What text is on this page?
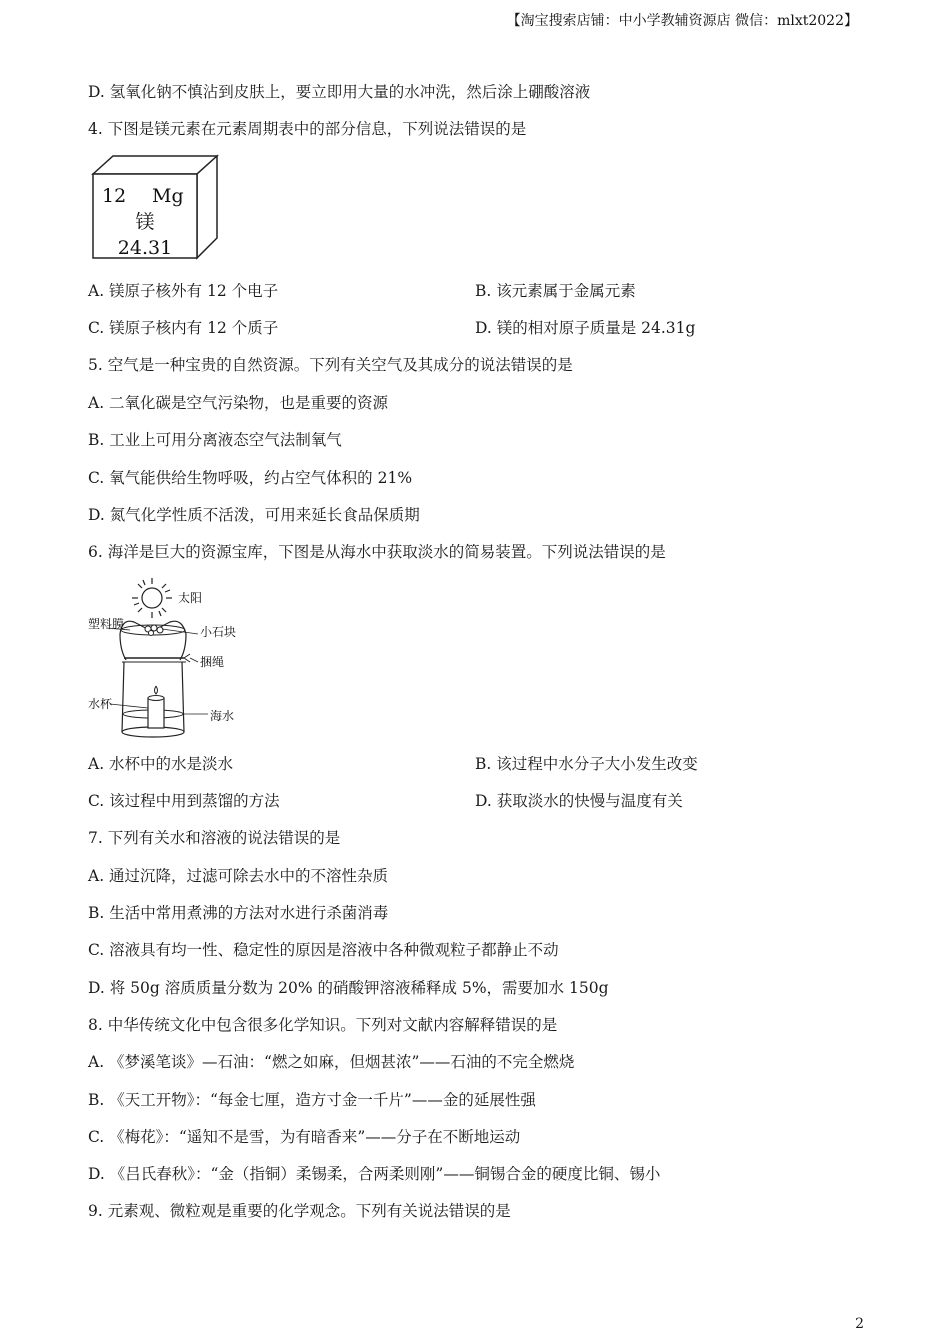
【淘宝搜索店铺：中小学教辅资源店 微信：mlxt2022】
D. 氢氧化钠不慎沾到皮肤上，要立即用大量的水冲洗，然后涂上硼酸溶液
4. 下图是镁元素在元素周期表中的部分信息，下列说法错误的是
12 Mg
镁
24.31
A. 镁原子核外有 12 个电子	B. 该元素属于金属元素
C. 镁原子核内有 12 个质子	D. 镁的相对原子质量是 24.31g
5. 空气是一种宝贵的自然资源。下列有关空气及其成分的说法错误的是
A. 二氧化碳是空气污染物，也是重要的资源
B. 工业上可用分离液态空气法制氧气
C. 氧气能供给生物呼吸，约占空气体积的 21%
D. 氮气化学性质不活泼，可用来延长食品保质期
6. 海洋是巨大的资源宝库，下图是从海水中获取淡水的简易装置。下列说法错误的是
太阳
塑料膜
小石块
捆绳
水杯
海水
A. 水杯中的水是淡水	B. 该过程中水分子大小发生改变
C. 该过程中用到蒸馏的方法	D. 获取淡水的快慢与温度有关
7. 下列有关水和溶液的说法错误的是
A. 通过沉降，过滤可除去水中的不溶性杂质
B. 生活中常用煮沸的方法对水进行杀菌消毒
C. 溶液具有均一性、稳定性的原因是溶液中各种微观粒子都静止不动
D. 将 50g 溶质质量分数为 20% 的硝酸钾溶液稀释成 5%，需要加水 150g
8. 中华传统文化中包含很多化学知识。下列对文献内容解释错误的是
A. 《梦溪笔谈》—石油：“燃之如麻，但烟甚浓”——石油的不完全燃烧
B. 《天工开物》：“每金七厘，造方寸金一千片”——金的延展性强
C. 《梅花》：“遥知不是雪，为有暗香来”——分子在不断地运动
D. 《吕氏春秋》：“金（指铜）柔锡柔，合两柔则刚”——铜锡合金的硬度比铜、锡小
9. 元素观、微粒观是重要的化学观念。下列有关说法错误的是
2
